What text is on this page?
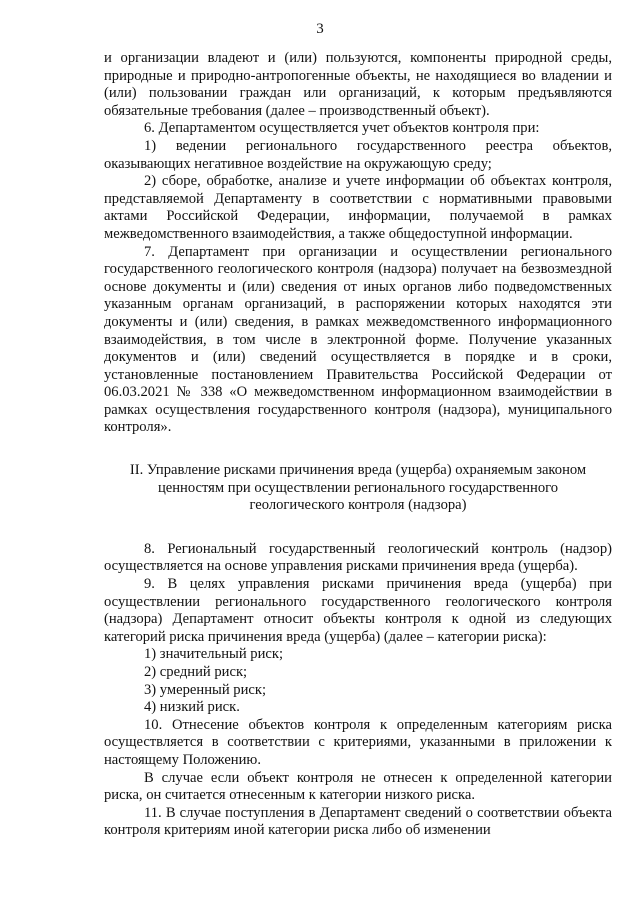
3

и организации владеют и (или) пользуются, компоненты природной среды, природные и природно-антропогенные объекты, не находящиеся во владении и (или) пользовании граждан или организаций, к которым предъявляются обязательные требования (далее – производственный объект).

6. Департаментом осуществляется учет объектов контроля при:

1) ведении регионального государственного реестра объектов, оказывающих негативное воздействие на окружающую среду;

2) сборе, обработке, анализе и учете информации об объектах контроля, представляемой Департаменту в соответствии с нормативными правовыми актами Российской Федерации, информации, получаемой в рамках межведомственного взаимодействия, а также общедоступной информации.

7. Департамент при организации и осуществлении регионального государственного геологического контроля (надзора) получает на безвозмездной основе документы и (или) сведения от иных органов либо подведомственных указанным органам организаций, в распоряжении которых находятся эти документы и (или) сведения, в рамках межведомственного информационного взаимодействия, в том числе в электронной форме. Получение указанных документов и (или) сведений осуществляется в порядке и в сроки, установленные постановлением Правительства Российской Федерации от 06.03.2021 № 338 «О межведомственном информационном взаимодействии в рамках осуществления государственного контроля (надзора), муниципального контроля».

II. Управление рисками причинения вреда (ущерба) охраняемым законом ценностям при осуществлении регионального государственного геологического контроля (надзора)

8. Региональный государственный геологический контроль (надзор) осуществляется на основе управления рисками причинения вреда (ущерба).

9. В целях управления рисками причинения вреда (ущерба) при осуществлении регионального государственного геологического контроля (надзора) Департамент относит объекты контроля к одной из следующих категорий риска причинения вреда (ущерба) (далее – категории риска):

1) значительный риск;

2) средний риск;

3) умеренный риск;

4) низкий риск.

10. Отнесение объектов контроля к определенным категориям риска осуществляется в соответствии с критериями, указанными в приложении к настоящему Положению.

В случае если объект контроля не отнесен к определенной категории риска, он считается отнесенным к категории низкого риска.

11. В случае поступления в Департамент сведений о соответствии объекта контроля критериям иной категории риска либо об изменении
